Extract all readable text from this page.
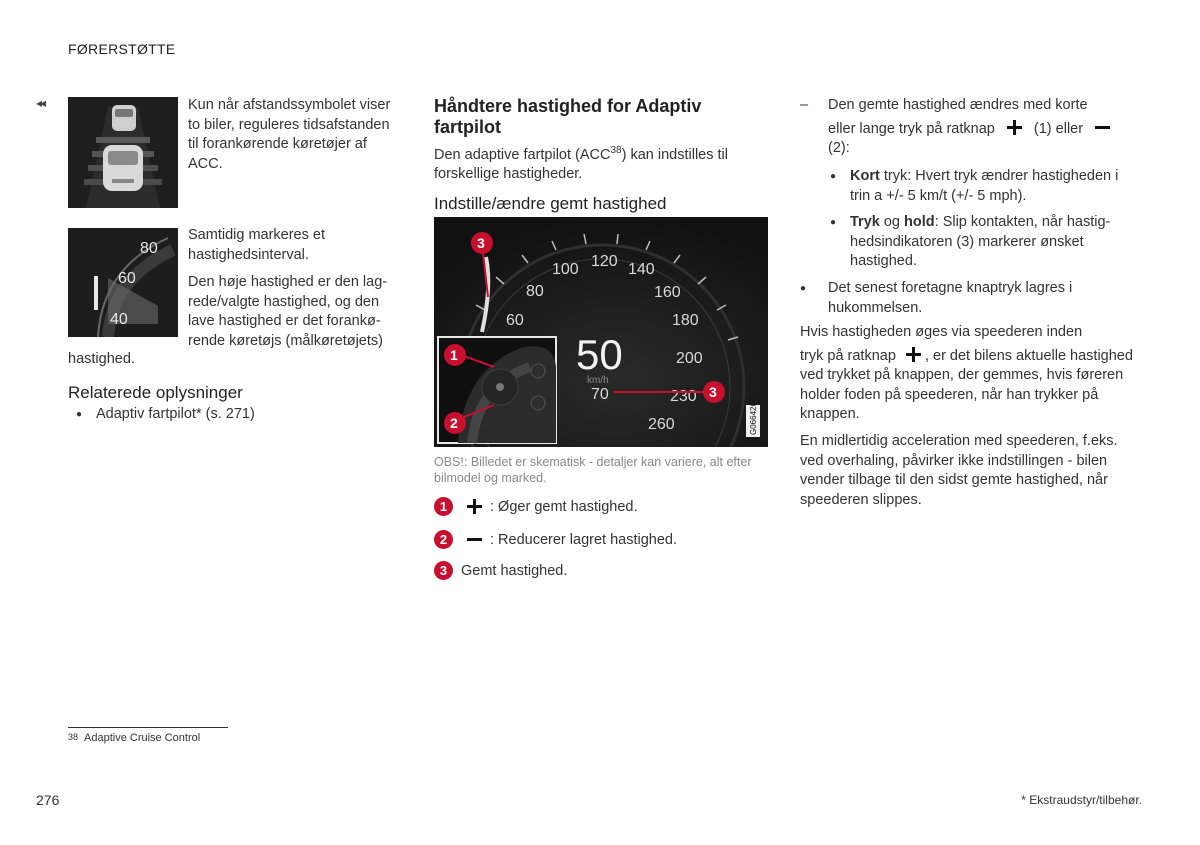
FØRERSTØTTE
◂◂	Kun når afstandssymbolet viser to biler, reguleres tidsafstanden til forankørende køretøjer af ACC.
80
60
40
Samtidig markeres et hastighedsinterval.
Den høje hastighed er den lagrede/valgte hastighed, og den lave hastighed er det forankørende køretøjs (målkøretøjets)
hastighed.
Relaterede oplysninger
● Adaptiv fartpilot* (s. 271)
Håndtere hastighed for Adaptiv fartpilot
Den adaptive fartpilot (ACC$^{38}$) kan indstilles til forskellige hastigheder.
Indstille/ændre gemt hastighed
60
80
100 120 140
160
180
200
230
260
50
km/h
70	3
3
G066426
1
2
OBS!: Billedet er skematisk - detaljer kan variere, alt efter bilmodel og marked.
1	: Øger gemt hastighed.
2	: Reducerer lagret hastighed.
3 Gemt hastighed.
– Den gemte hastighed ændres med korte
eller lange tryk på ratknap	(1) eller
(2):
● Kort tryk: Hvert tryk ændrer hastigheden i trin a +/- 5 km/t (+/- 5 mph).
● Tryk og hold: Slip kontakten, når hastighedsindikatoren (3) markerer ønsket hastighed.
● Det senest foretagne knaptryk lagres i hukommelsen.
Hvis hastigheden øges via speederen inden
tryk på ratknap , er det bilens aktuelle hastighed ved trykket på knappen, der gemmes, hvis føreren holder foden på speederen, når han trykker på knappen.
En midlertidig acceleration med speederen, f.eks. ved overhaling, påvirker ikke indstillingen - bilen vender tilbage til den sidst gemte hastighed, når speederen slippes.
38 Adaptive Cruise Control
276	* Ekstraudstyr/tilbehør.
